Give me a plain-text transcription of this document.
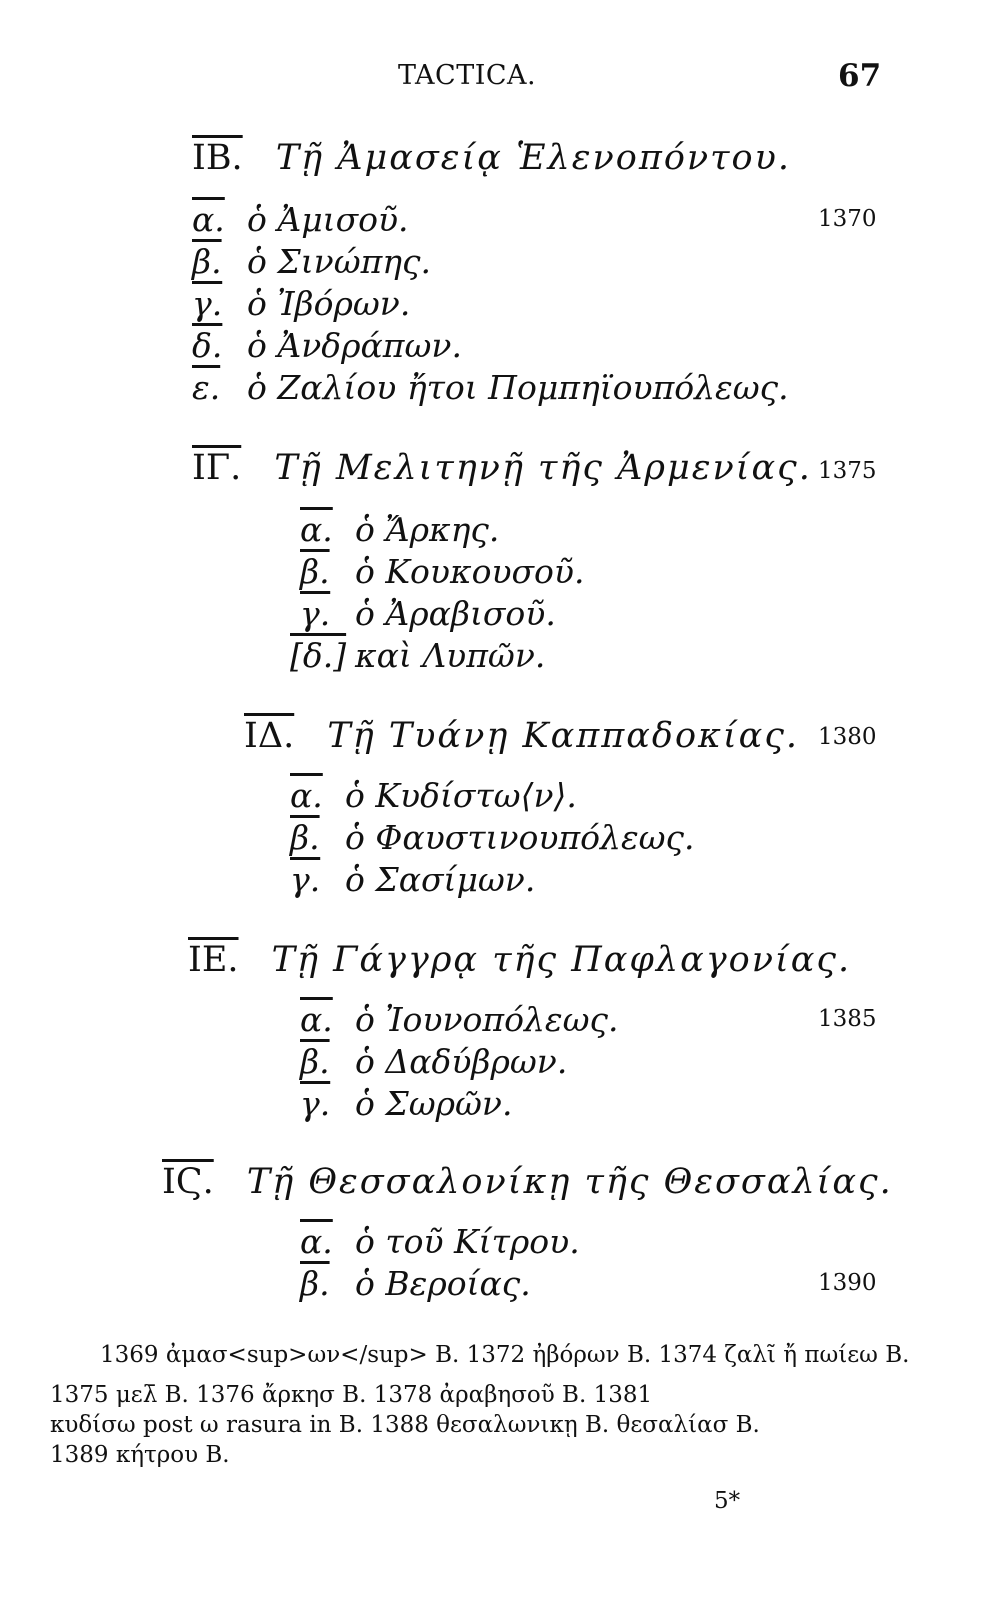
TACTICA.	67
ΙΒ. Τῇ Ἀμασείᾳ Ἑλενοπόντου.
α. ὁ Ἀμισοῦ.	1370
β. ὁ Σινώπης.
γ. ὁ Ἰβόρων.
δ. ὁ Ἀνδράπων.
ε. ὁ Ζαλίου ἤτοι Πομπηϊουπόλεως.
ΙΓ. Τῇ Μελιτηνῇ τῆς Ἀρμενίας. 1375
α. ὁ Ἄρκης.
β. ὁ Κουκουσοῦ.
γ. ὁ Ἀραβισοῦ.
[δ.] καὶ Λυπῶν.
ΙΔ. Τῇ Τυάνῃ Καππαδοκίας. 1380
α. ὁ Κυδίστω⟨ν⟩.
β. ὁ Φαυστινουπόλεως.
γ. ὁ Σασίμων.
ΙΕ. Τῇ Γάγγρᾳ τῆς Παφλαγονίας.
α. ὁ Ἰουνοπόλεως.	1385
β. ὁ Δαδύβρων.
γ. ὁ Σωρῶν.
ΙϚ. Τῇ Θεσσαλονίκῃ τῆς Θεσσαλίας.
α. ὁ τοῦ Κίτρου.
β. ὁ Βεροίας.	1390
1369 ἀμασ<sup>ων</sup> B. 1372 ἠβόρων B. 1374 ζαλῖ ἤ πωίεω B.
1375 μελ̄ B. 1376 ἄρκησ B. 1378 ἀραβησοῦ B. 1381
κυδίσω post ω rasura in B. 1388 θεσαλωνικῃ B. θεσαλίασ B.
1389 κήτρου B.
5*
